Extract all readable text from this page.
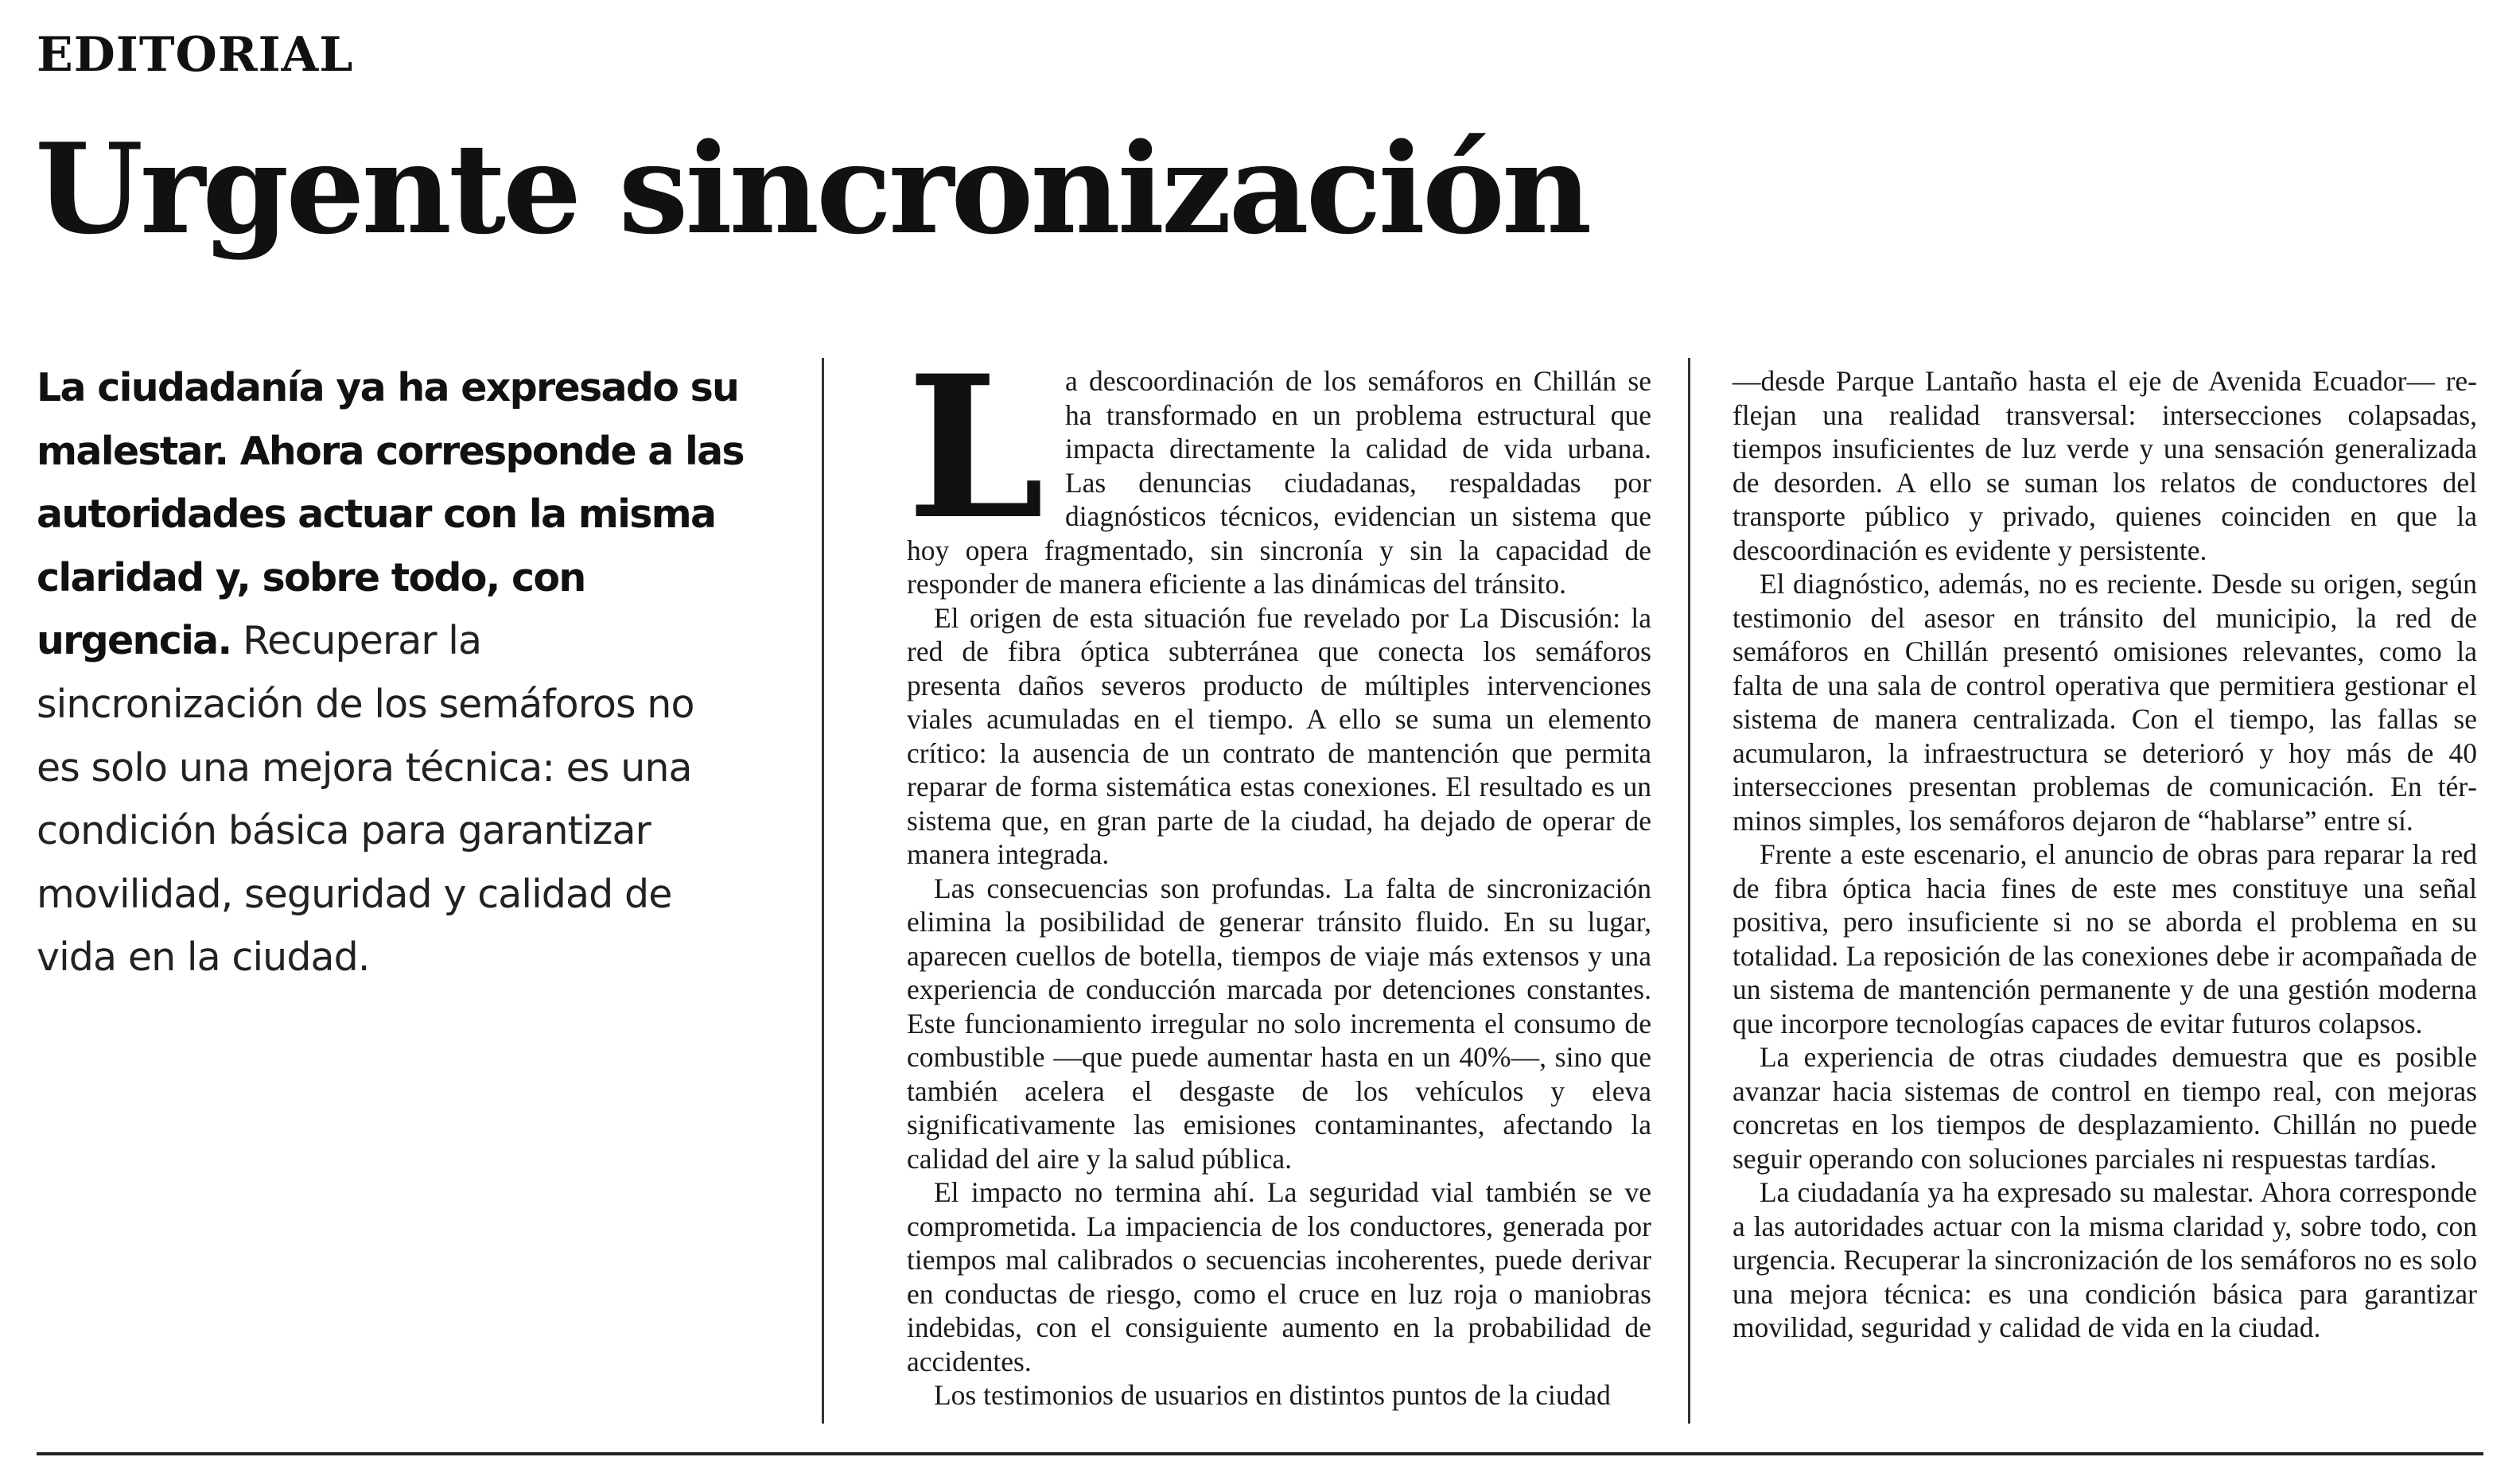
EDITORIAL
Urgente sincronización
La ciudadanía ya ha expresado su malestar. Ahora corresponde a las autoridades actuar con la misma claridad y, sobre todo, con urgencia. Recuperar la sincronización de los semáforos no es solo una mejora técnica: es una condición básica para garantizar movilidad, seguridad y calidad de vida en la ciudad.

La descoordinación de los semáforos en Chillán se ha transformado en un problema estructural que impacta directamente la calidad de vida urbana. Las denuncias ciudadanas, respaldadas por diagnósticos técnicos, evidencian un sistema que hoy opera fragmentado, sin sincronía y sin la capacidad de responder de manera eficiente a las dinámicas del tránsito.

El origen de esta situación fue revelado por La Discusión: la red de fibra óptica subterránea que conecta los semáforos presenta daños severos producto de múltiples intervenciones viales acumuladas en el tiempo. A ello se suma un elemento crítico: la ausencia de un contrato de mantención que permita reparar de forma sistemática estas conexiones. El resultado es un sistema que, en gran parte de la ciudad, ha dejado de operar de manera integrada.

Las consecuencias son profundas. La falta de sincronización elimina la posibilidad de generar tránsito fluido. En su lugar, aparecen cuellos de botella, tiempos de viaje más extensos y una experiencia de conducción marcada por detenciones constantes. Este funcionamiento irregular no solo incrementa el consumo de combustible —que puede aumentar hasta en un 40%—, sino que también acelera el desgaste de los vehículos y eleva significativamente las emisiones contaminantes, afectando la calidad del aire y la salud pública.

El impacto no termina ahí. La seguridad vial también se ve comprometida. La impaciencia de los conductores, generada por tiempos mal calibrados o secuencias incoherentes, puede derivar en conductas de riesgo, como el cruce en luz roja o maniobras indebidas, con el consiguiente aumento en la probabilidad de accidentes.

Los testimonios de usuarios en distintos puntos de la ciudad

—desde Parque Lantaño hasta el eje de Avenida Ecuador— reflejan una realidad transversal: intersecciones colapsadas, tiempos insuficientes de luz verde y una sensación generalizada de desorden. A ello se suman los relatos de conductores del transporte público y privado, quienes coinciden en que la descoordinación es evidente y persistente.

El diagnóstico, además, no es reciente. Desde su origen, según testimonio del asesor en tránsito del municipio, la red de semáforos en Chillán presentó omisiones relevantes, como la falta de una sala de control operativa que permitiera gestionar el sistema de manera centralizada. Con el tiempo, las fallas se acumularon, la infraestructura se deterioró y hoy más de 40 intersecciones presentan problemas de comunicación. En términos simples, los semáforos dejaron de “hablarse” entre sí.

Frente a este escenario, el anuncio de obras para reparar la red de fibra óptica hacia fines de este mes constituye una señal positiva, pero insuficiente si no se aborda el problema en su totalidad. La reposición de las conexiones debe ir acompañada de un sistema de mantención permanente y de una gestión moderna que incorpore tecnologías capaces de evitar futuros colapsos.

La experiencia de otras ciudades demuestra que es posible avanzar hacia sistemas de control en tiempo real, con mejoras concretas en los tiempos de desplazamiento. Chillán no puede seguir operando con soluciones parciales ni respuestas tardías.

La ciudadanía ya ha expresado su malestar. Ahora corresponde a las autoridades actuar con la misma claridad y, sobre todo, con urgencia. Recuperar la sincronización de los semáforos no es solo una mejora técnica: es una condición básica para garantizar movilidad, seguridad y calidad de vida en la ciudad.
